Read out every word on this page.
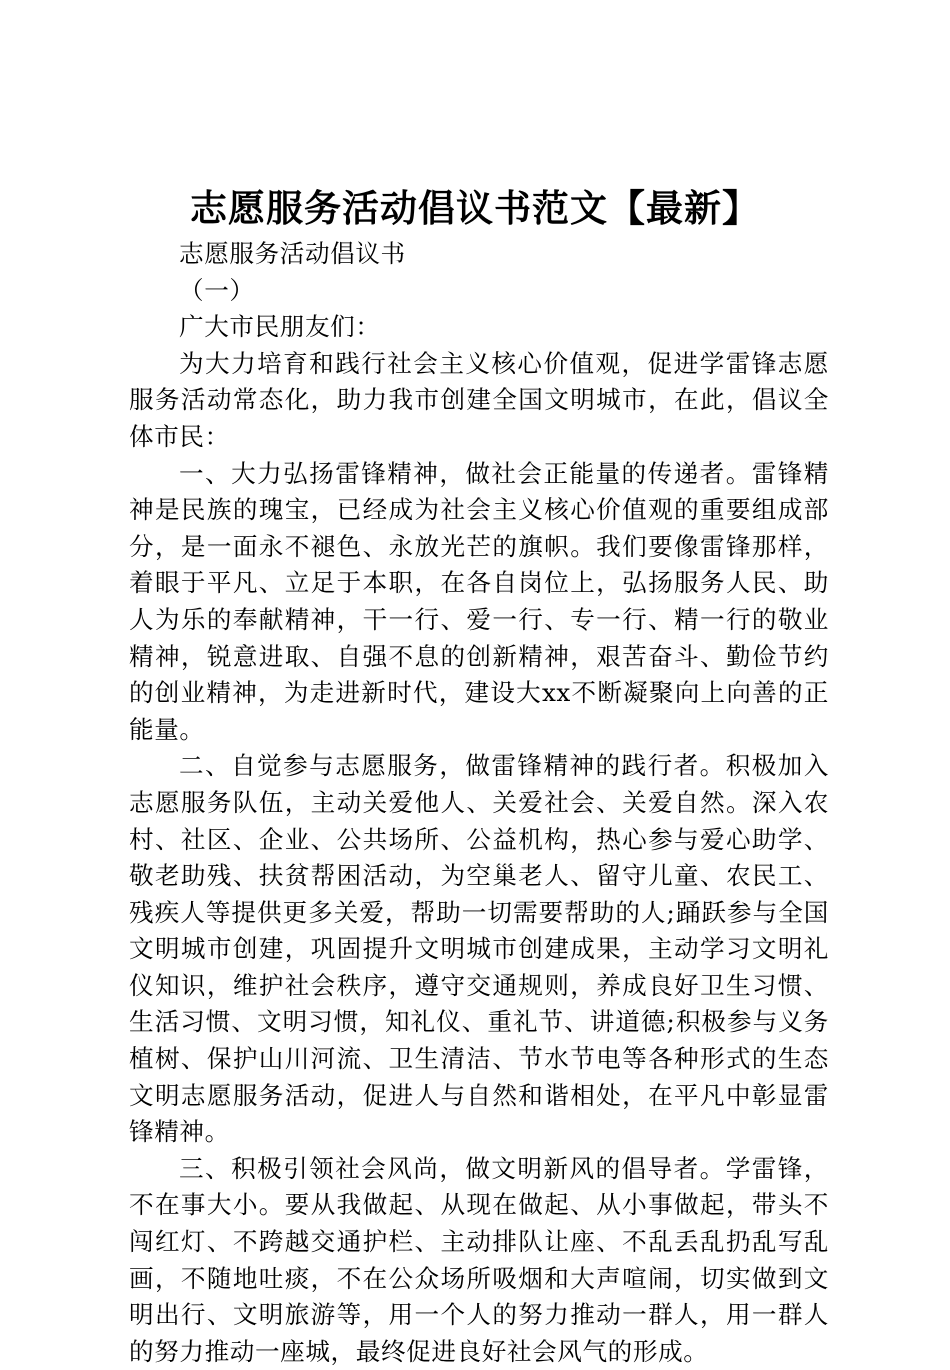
志愿服务活动倡议书范文【最新】
志愿服务活动倡议书
（一）
广大市民朋友们：

为大力培育和践行社会主义核心价值观，促进学雷锋志愿服务活动常态化，助力我市创建全国文明城市，在此，倡议全体市民：

一、大力弘扬雷锋精神，做社会正能量的传递者。雷锋精神是民族的瑰宝，已经成为社会主义核心价值观的重要组成部分，是一面永不褪色、永放光芒的旗帜。我们要像雷锋那样，着眼于平凡、立足于本职，在各自岗位上，弘扬服务人民、助人为乐的奉献精神，干一行、爱一行、专一行、精一行的敬业精神，锐意进取、自强不息的创新精神，艰苦奋斗、勤俭节约的创业精神，为走进新时代，建设大xx不断凝聚向上向善的正能量。

二、自觉参与志愿服务，做雷锋精神的践行者。积极加入志愿服务队伍，主动关爱他人、关爱社会、关爱自然。深入农村、社区、企业、公共场所、公益机构，热心参与爱心助学、敬老助残、扶贫帮困活动，为空巢老人、留守儿童、农民工、残疾人等提供更多关爱，帮助一切需要帮助的人;踊跃参与全国文明城市创建，巩固提升文明城市创建成果，主动学习文明礼仪知识，维护社会秩序，遵守交通规则，养成良好卫生习惯、生活习惯、文明习惯，知礼仪、重礼节、讲道德;积极参与义务植树、保护山川河流、卫生清洁、节水节电等各种形式的生态文明志愿服务活动，促进人与自然和谐相处，在平凡中彰显雷锋精神。

三、积极引领社会风尚，做文明新风的倡导者。学雷锋，不在事大小。要从我做起、从现在做起、从小事做起，带头不闯红灯、不跨越交通护栏、主动排队让座、不乱丢乱扔乱写乱画，不随地吐痰，不在公众场所吸烟和大声喧闹，切实做到文明出行、文明旅游等，用一个人的努力推动一群人，用一群人的努力推动一座城，最终促进良好社会风气的形成。
